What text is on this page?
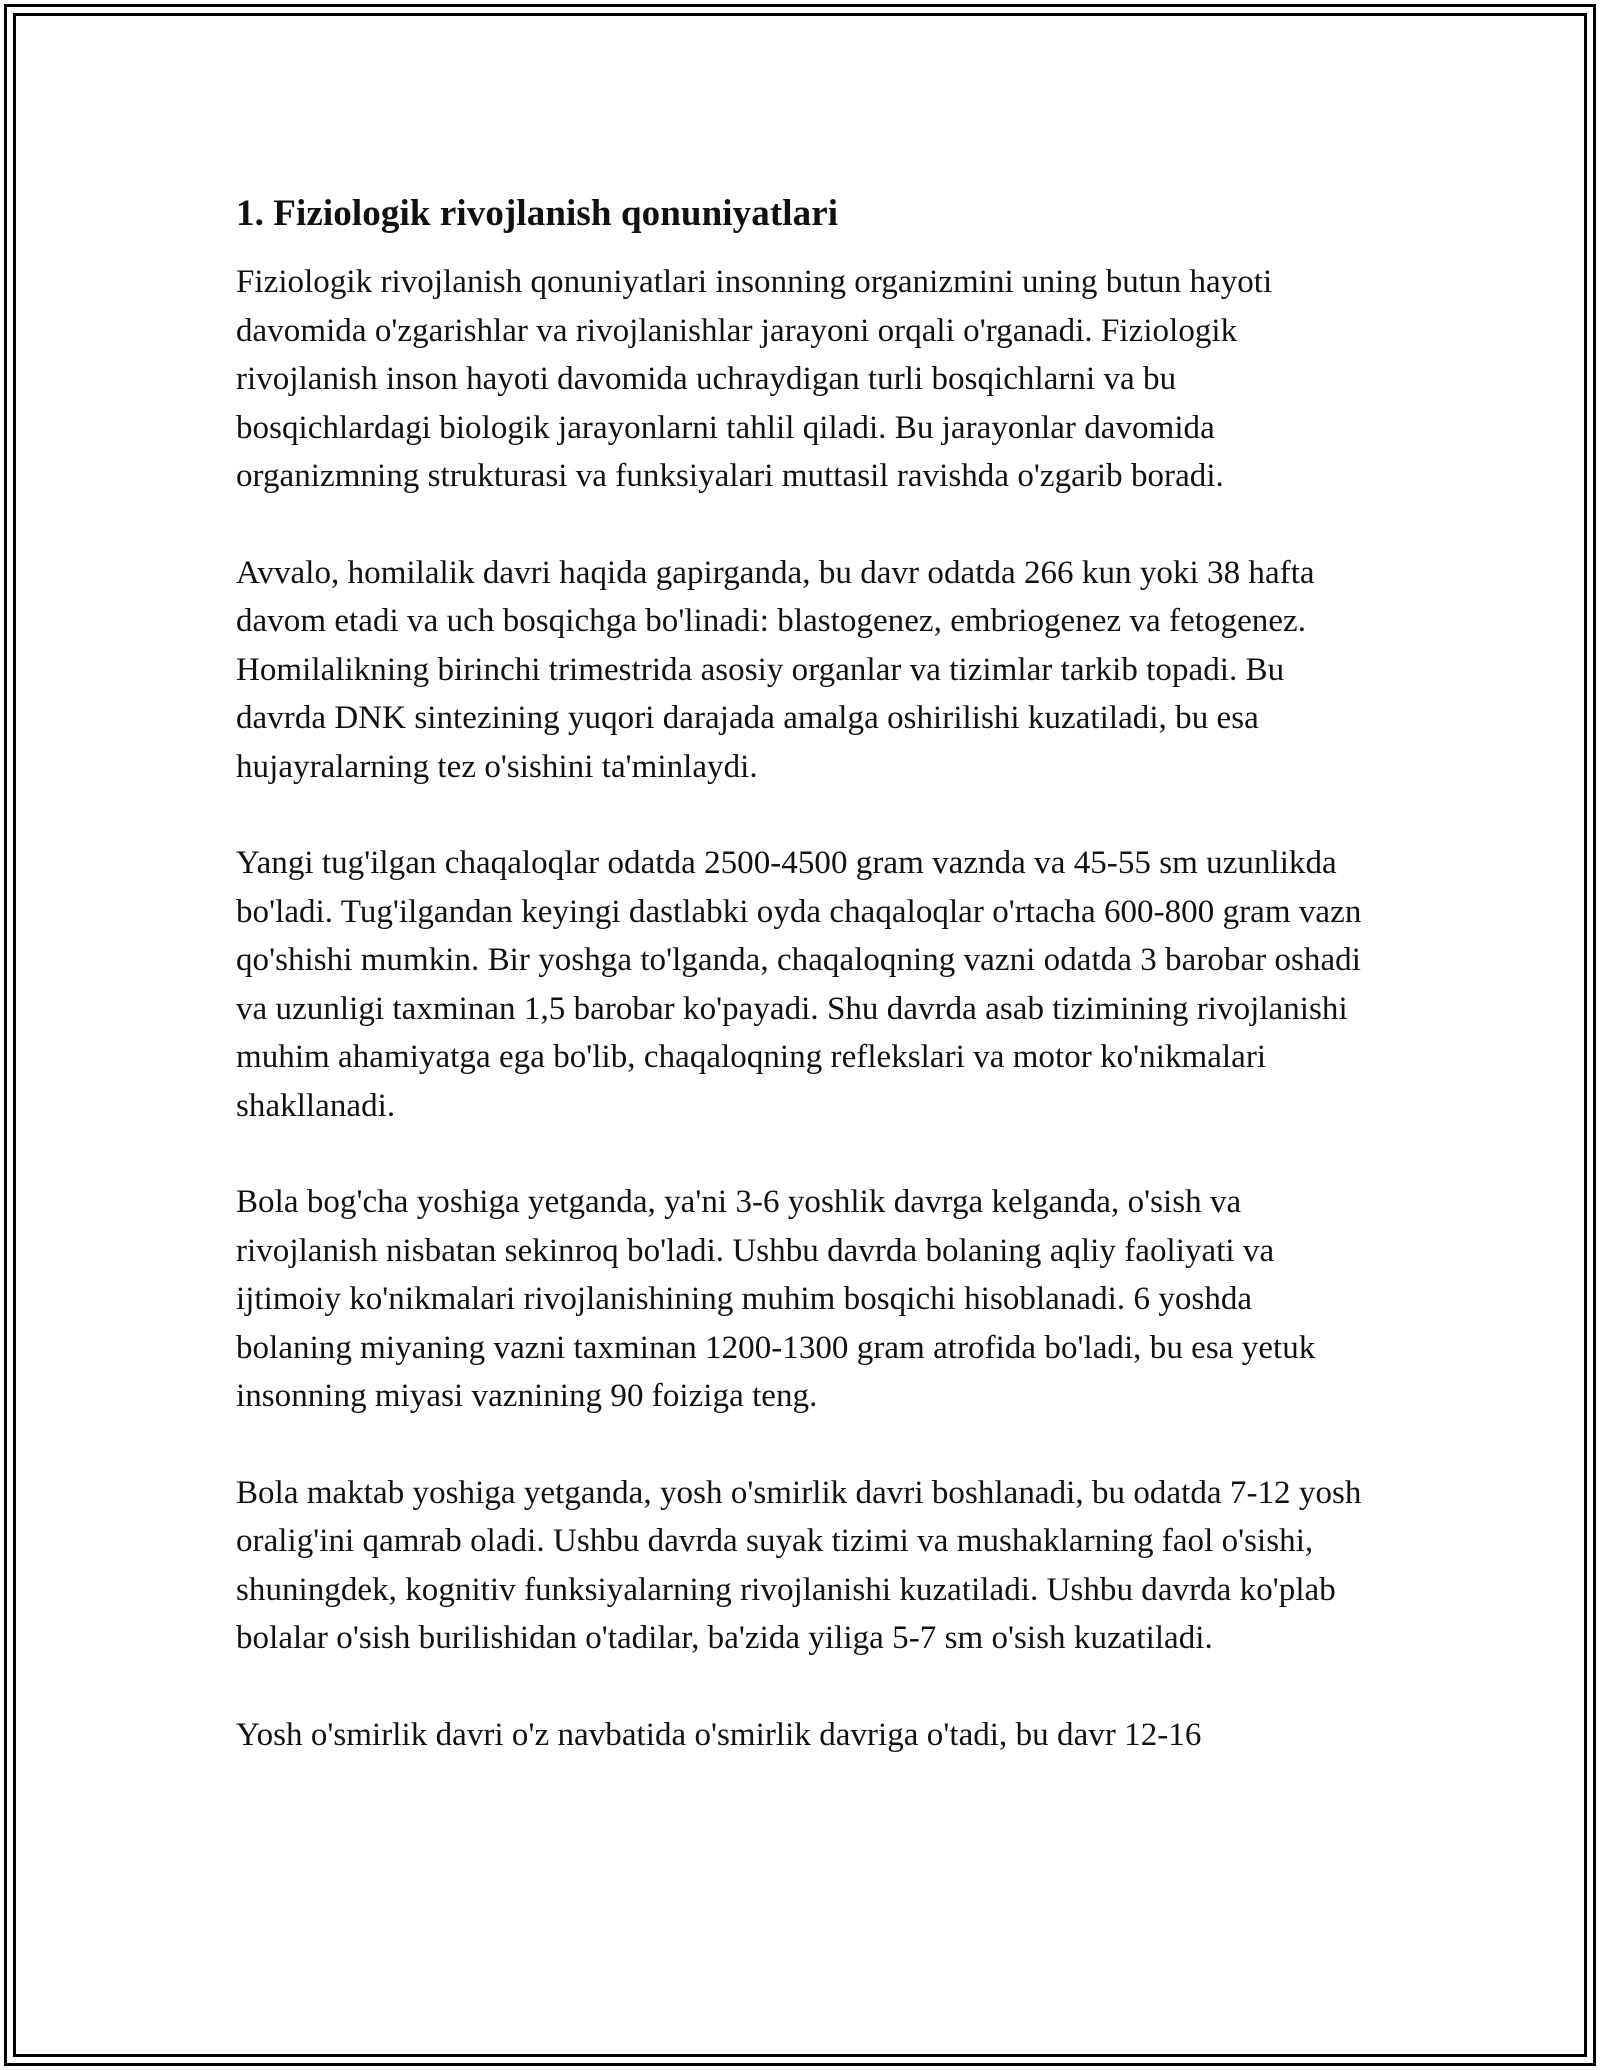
1. Fiziologik rivojlanish qonuniyatlari

Fiziologik rivojlanish qonuniyatlari insonning organizmini uning butun hayoti davomida o'zgarishlar va rivojlanishlar jarayoni orqali o'rganadi. Fiziologik rivojlanish inson hayoti davomida uchraydigan turli bosqichlarni va bu bosqichlardagi biologik jarayonlarni tahlil qiladi. Bu jarayonlar davomida organizmning strukturasi va funksiyalari muttasil ravishda o'zgarib boradi.

Avvalo, homilalik davri haqida gapirganda, bu davr odatda 266 kun yoki 38 hafta davom etadi va uch bosqichga bo'linadi: blastogenez, embriogenez va fetogenez. Homilalikning birinchi trimestrida asosiy organlar va tizimlar tarkib topadi. Bu davrda DNK sintezining yuqori darajada amalga oshirilishi kuzatiladi, bu esa hujayralarning tez o'sishini ta'minlaydi.

Yangi tug'ilgan chaqaloqlar odatda 2500-4500 gram vaznda va 45-55 sm uzunlikda bo'ladi. Tug'ilgandan keyingi dastlabki oyda chaqaloqlar o'rtacha 600-800 gram vazn qo'shishi mumkin. Bir yoshga to'lganda, chaqaloqning vazni odatda 3 barobar oshadi va uzunligi taxminan 1,5 barobar ko'payadi. Shu davrda asab tizimining rivojlanishi muhim ahamiyatga ega bo'lib, chaqaloqning reflekslari va motor ko'nikmalari shakllanadi.

Bola bog'cha yoshiga yetganda, ya'ni 3-6 yoshlik davrga kelganda, o'sish va rivojlanish nisbatan sekinroq bo'ladi. Ushbu davrda bolaning aqliy faoliyati va ijtimoiy ko'nikmalari rivojlanishining muhim bosqichi hisoblanadi. 6 yoshda bolaning miyaning vazni taxminan 1200-1300 gram atrofida bo'ladi, bu esa yetuk insonning miyasi vaznining 90 foiziga teng.

Bola maktab yoshiga yetganda, yosh o'smirlik davri boshlanadi, bu odatda 7-12 yosh oralig'ini qamrab oladi. Ushbu davrda suyak tizimi va mushaklarning faol o'sishi, shuningdek, kognitiv funksiyalarning rivojlanishi kuzatiladi. Ushbu davrda ko'plab bolalar o'sish burilishidan o'tadilar, ba'zida yiliga 5-7 sm o'sish kuzatiladi.

Yosh o'smirlik davri o'z navbatida o'smirlik davriga o'tadi, bu davr 12-16
